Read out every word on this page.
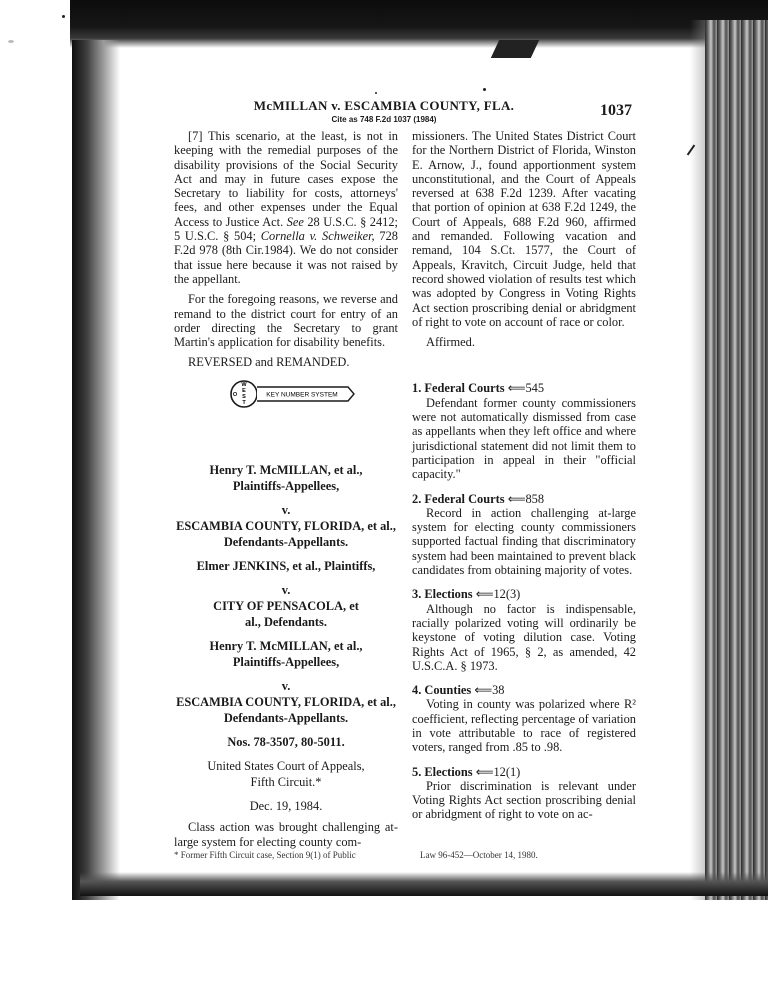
McMILLAN v. ESCAMBIA COUNTY, FLA.	1037
Cite as 748 F.2d 1037 (1984)

[7] This scenario, at the least, is not in keeping with the remedial purposes of the disability provisions of the Social Security Act and may in future cases expose the Secretary to liability for costs, attorneys' fees, and other expenses under the Equal Access to Justice Act. See 28 U.S.C. § 2412; 5 U.S.C. § 504; Cornella v. Schweiker, 728 F.2d 978 (8th Cir.1984). We do not consider that issue here because it was not raised by the appellant.

For the foregoing reasons, we reverse and remand to the district court for entry of an order directing the Secretary to grant Martin's application for disability benefits.

REVERSED and REMANDED.

W
E
S
T
O	KEY NUMBER SYSTEM
Henry T. McMILLAN, et al.,
Plaintiffs-Appellees,
v.
ESCAMBIA COUNTY, FLORIDA, et al.,
Defendants-Appellants.
Elmer JENKINS, et al., Plaintiffs,
v.
CITY OF PENSACOLA, et
al., Defendants.
Henry T. McMILLAN, et al.,
Plaintiffs-Appellees,
v.
ESCAMBIA COUNTY, FLORIDA, et al.,
Defendants-Appellants.
Nos. 78-3507, 80-5011.
United States Court of Appeals,
Fifth Circuit.*
Dec. 19, 1984.

Class action was brought challenging at-large system for electing county com-

missioners. The United States District Court for the Northern District of Florida, Winston E. Arnow, J., found apportionment system unconstitutional, and the Court of Appeals reversed at 638 F.2d 1239. After vacating that portion of opinion at 638 F.2d 1249, the Court of Appeals, 688 F.2d 960, affirmed and remanded. Following vacation and remand, 104 S.Ct. 1577, the Court of Appeals, Kravitch, Circuit Judge, held that record showed violation of results test which was adopted by Congress in Voting Rights Act section proscribing denial or abridgment of right to vote on account of race or color.

Affirmed.

1. Federal Courts ⟸545

Defendant former county commissioners were not automatically dismissed from case as appellants when they left office and where jurisdictional statement did not limit them to participation in appeal in their "official capacity."

2. Federal Courts ⟸858

Record in action challenging at-large system for electing county commissioners supported factual finding that discriminatory system had been maintained to prevent black candidates from obtaining majority of votes.

3. Elections ⟸12(3)

Although no factor is indispensable, racially polarized voting will ordinarily be keystone of voting dilution case. Voting Rights Act of 1965, § 2, as amended, 42 U.S.C.A. § 1973.

4. Counties ⟸38

Voting in county was polarized where R² coefficient, reflecting percentage of variation in vote attributable to race of registered voters, ranged from .85 to .98.

5. Elections ⟸12(1)

Prior discrimination is relevant under Voting Rights Act section proscribing denial or abridgment of right to vote on ac-

* Former Fifth Circuit case, Section 9(1) of Public	Law 96-452—October 14, 1980.
